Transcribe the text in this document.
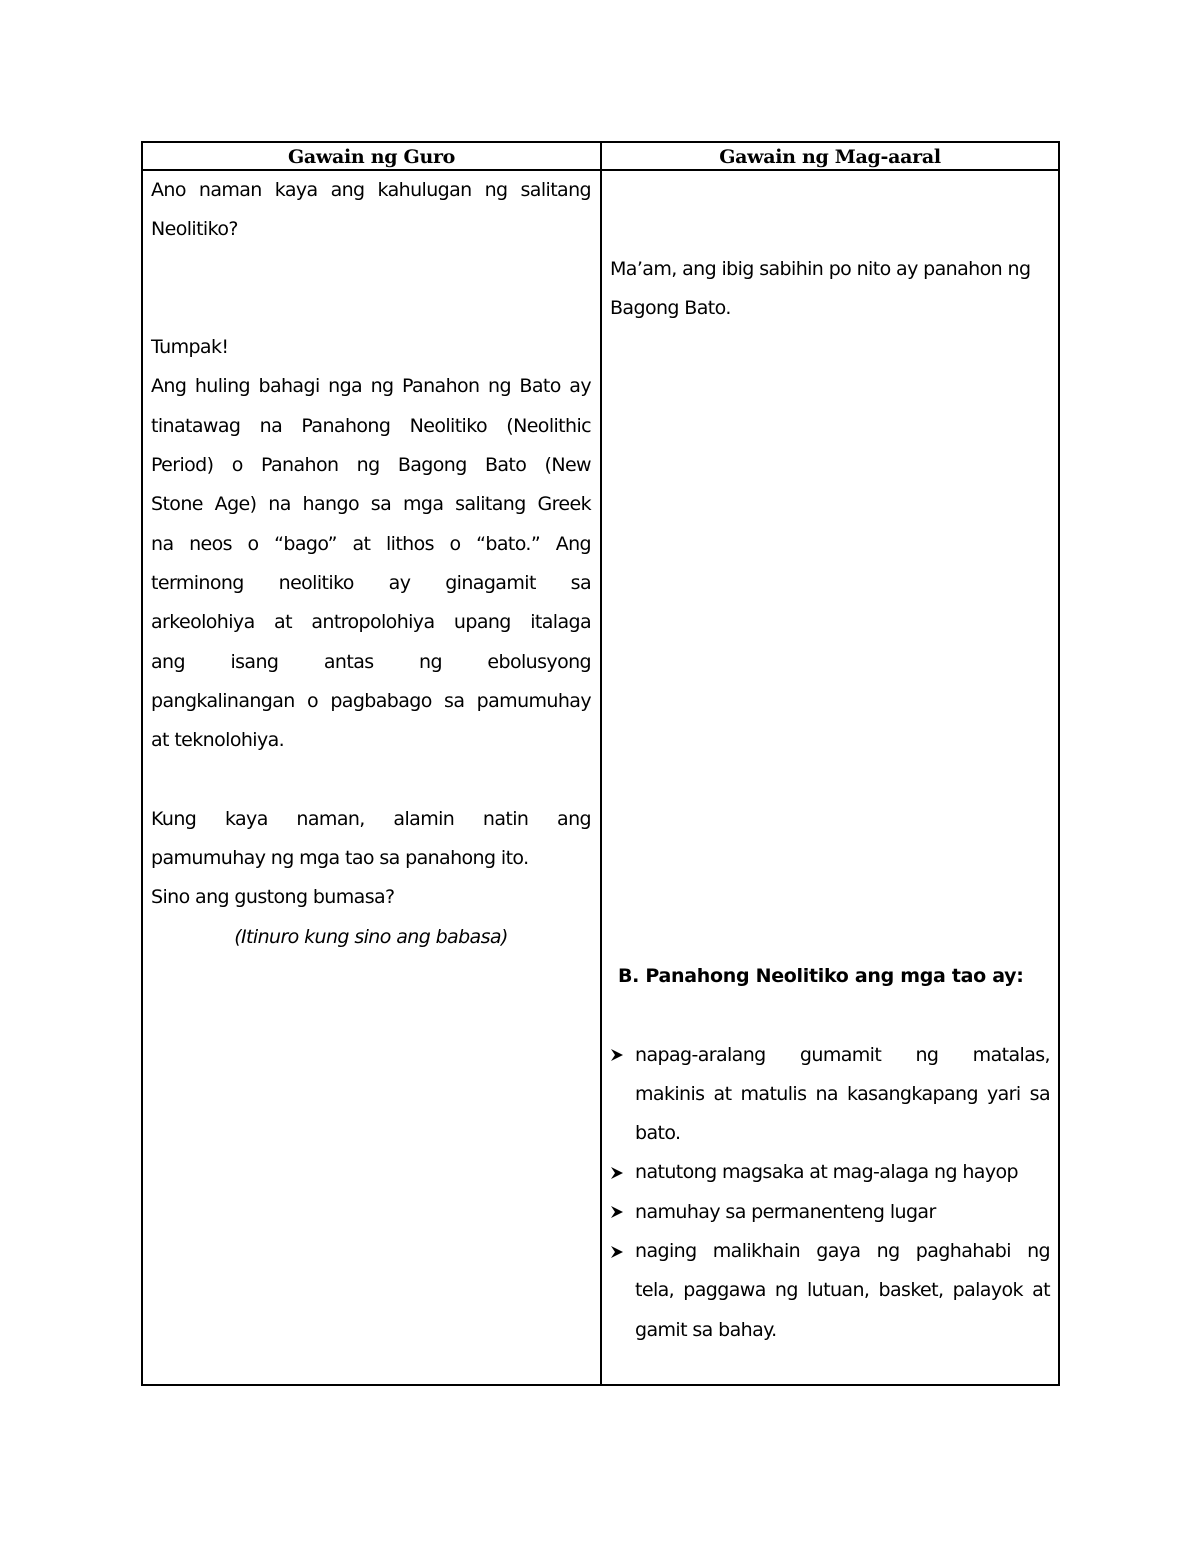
Gawain ng Guro	Gawain ng Mag-aaral
Ano naman kaya ang kahulugan ng salitang
Neolitiko?
Tumpak!
Ang huling bahagi nga ng Panahon ng Bato ay
tinatawag na Panahong Neolitiko (Neolithic
Period) o Panahon ng Bagong Bato (New
Stone Age) na hango sa mga salitang Greek
na neos o “bago” at lithos o “bato.” Ang
terminong neolitiko ay ginagamit sa
arkeolohiya at antropolohiya upang italaga
ang isang antas ng ebolusyong
pangkalinangan o pagbabago sa pamumuhay
at teknolohiya.
Kung kaya naman, alamin natin ang
pamumuhay ng mga tao sa panahong ito.
Sino ang gustong bumasa?
(Itinuro kung sino ang babasa)
Ma’am, ang ibig sabihin po nito ay panahon ng
Bagong Bato.
B. Panahong Neolitiko ang mga tao ay:
napag-aralang gumamit ng matalas,
makinis at matulis na kasangkapang yari sa
bato.
natutong magsaka at mag-alaga ng hayop
namuhay sa permanenteng lugar
naging malikhain gaya ng paghahabi ng
tela, paggawa ng lutuan, basket, palayok at
gamit sa bahay.
